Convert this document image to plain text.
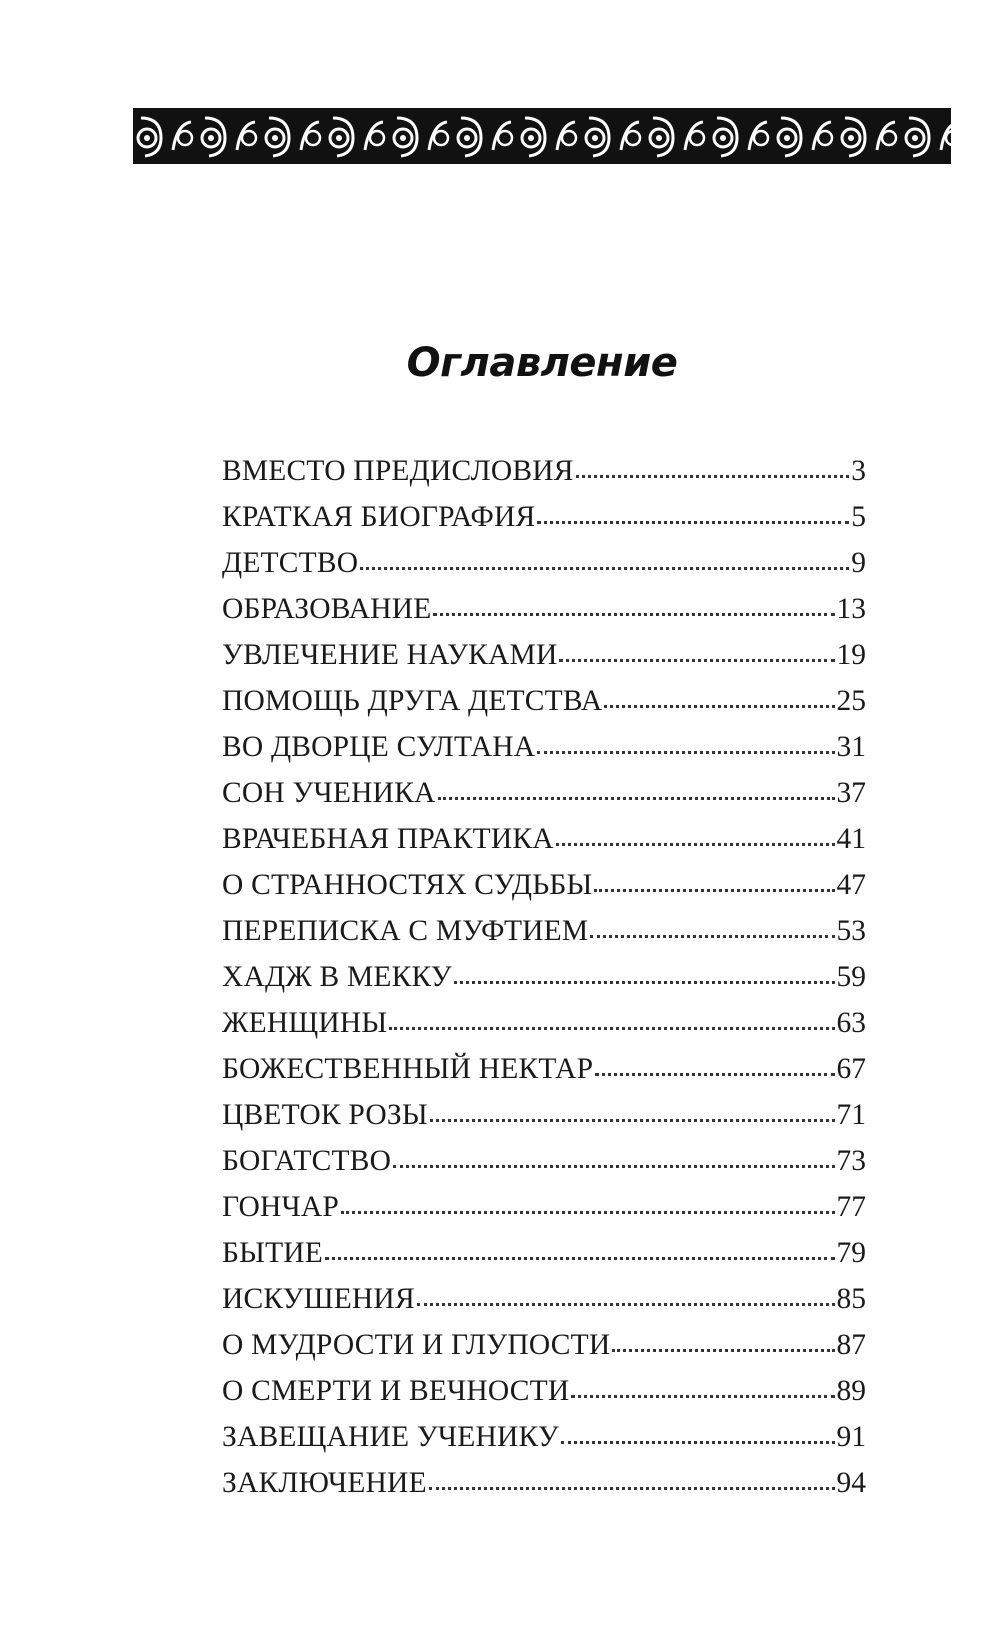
Оглавление
ВМЕСТО ПРЕДИСЛОВИЯ	3
КРАТКАЯ БИОГРАФИЯ	5
ДЕТСТВО	9
ОБРАЗОВАНИЕ	13
УВЛЕЧЕНИЕ НАУКАМИ	19
ПОМОЩЬ ДРУГА ДЕТСТВА	25
ВО ДВОРЦЕ СУЛТАНА	31
СОН УЧЕНИКА	37
ВРАЧЕБНАЯ ПРАКТИКА	41
О СТРАННОСТЯХ СУДЬБЫ	47
ПЕРЕПИСКА С МУФТИЕМ	53
ХАДЖ В МЕККУ	59
ЖЕНЩИНЫ	63
БОЖЕСТВЕННЫЙ НЕКТАР	67
ЦВЕТОК РОЗЫ	71
БОГАТСТВО	73
ГОНЧАР	77
БЫТИЕ	79
ИСКУШЕНИЯ	85
О МУДРОСТИ И ГЛУПОСТИ	87
О СМЕРТИ И ВЕЧНОСТИ	89
ЗАВЕЩАНИЕ УЧЕНИКУ	91
ЗАКЛЮЧЕНИЕ	94
